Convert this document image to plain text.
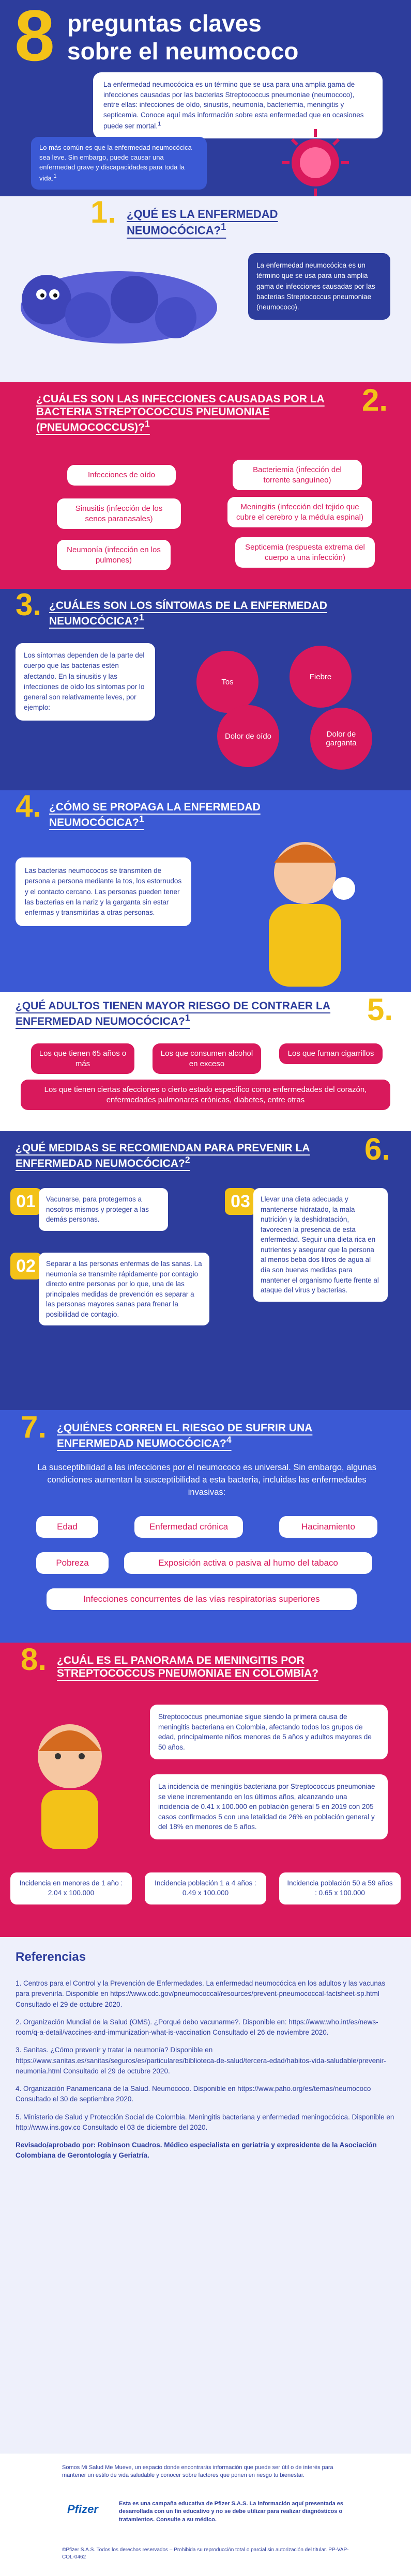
8 preguntas claves
sobre el neumococo
La enfermedad neumocócica es un término que se usa para una amplia gama de infecciones causadas por las bacterias Streptococcus pneumoniae (neumococo), entre ellas: infecciones de oído, sinusitis, neumonía, bacteriemia, meningitis y septicemia. Conoce aquí más información sobre esta enfermedad que en ocasiones puede ser mortal.$^1$
Lo más común es que la enfermedad neumocócica sea leve. Sin embargo, puede causar una enfermedad grave y discapacidades para toda la vida.$^1$
1. ¿QUÉ ES LA ENFERMEDAD NEUMOCÓCICA?$^1$
La enfermedad neumocócica es un término que se usa para una amplia gama de infecciones causadas por las bacterias Streptococcus pneumoniae (neumococo).
2.
¿CUÁLES SON LAS INFECCIONES CAUSADAS POR LA BACTERIA STREPTOCOCCUS PNEUMONIAE (PNEUMOCOCCUS)?$^1$
Infecciones de oído
Bacteriemia (infección del torrente sanguíneo)
Sinusitis (infección de los senos paranasales)
Meningitis (infección del tejido que cubre el cerebro y la médula espinal)
Neumonía (infección en los pulmones)
Septicemia (respuesta extrema del cuerpo a una infección)
3. ¿CUÁLES SON LOS SÍNTOMAS DE LA ENFERMEDAD NEUMOCÓCICA?$^1$
Los síntomas dependen de la parte del cuerpo que las bacterias estén afectando. En la sinusitis y las infecciones de oído los síntomas por lo general son relativamente leves, por ejemplo:
Tos
Fiebre
Dolor de oído	Dolor de garganta
4. ¿CÓMO SE PROPAGA LA ENFERMEDAD NEUMOCÓCICA?$^1$
Las bacterias neumococos se transmiten de persona a persona mediante la tos, los estornudos y el contacto cercano. Las personas pueden tener las bacterias en la nariz y la garganta sin estar enfermas y transmitirlas a otras personas.
5.
¿QUÉ ADULTOS TIENEN MAYOR RIESGO DE CONTRAER LA ENFERMEDAD NEUMOCÓCICA?$^1$
Los que tienen 65 años o más
Los que consumen alcohol en exceso
Los que fuman cigarrillos
Los que tienen ciertas afecciones o cierto estado específico como enfermedades del corazón, enfermedades pulmonares crónicas, diabetes, entre otras
6.
¿QUÉ MEDIDAS SE RECOMIENDAN PARA PREVENIR LA ENFERMEDAD NEUMOCÓCICA?$^2$
01	Vacunarse, para protegernos a nosotros mismos y proteger a las demás personas.
02	Separar a las personas enfermas de las sanas. La neumonía se transmite rápidamente por contagio directo entre personas por lo que, una de las principales medidas de prevención es separar a las personas mayores sanas para frenar la posibilidad de contagio.
03	Llevar una dieta adecuada y mantenerse hidratado, la mala nutrición y la deshidratación, favorecen la presencia de esta enfermedad. Seguir una dieta rica en nutrientes y asegurar que la persona al menos beba dos litros de agua al día son buenas medidas para mantener el organismo fuerte frente al ataque del virus y bacterias.
7. ¿QUIÉNES CORREN EL RIESGO DE SUFRIR UNA ENFERMEDAD NEUMOCÓCICA?$^4$
La susceptibilidad a las infecciones por el neumococo es universal. Sin embargo, algunas condiciones aumentan la susceptibilidad a esta bacteria, incluidas las enfermedades invasivas:
Edad	Enfermedad crónica	Hacinamiento
Pobreza	Exposición activa o pasiva al humo del tabaco
Infecciones concurrentes de las vías respiratorias superiores
8. ¿CUÁL ES EL PANORAMA DE MENINGITIS POR STREPTOCOCCUS PNEUMONIAE EN COLOMBIA?
Streptococcus pneumoniae sigue siendo la primera causa de meningitis bacteriana en Colombia, afectando todos los grupos de edad, principalmente niños menores de 5 años y adultos mayores de 50 años.
La incidencia de meningitis bacteriana por Streptococcus pneumoniae se viene incrementando en los últimos años, alcanzando una incidencia de 0.41 x 100.000 en población general 5 en 2019 con 205 casos confirmados 5 con una letalidad de 26% en población general y del 18% en menores de 5 años.
Incidencia en menores de 1 año : 2.04 x 100.000
Incidencia población 1 a 4 años : 0.49 x 100.000
Incidencia población 50 a 59 años : 0.65 x 100.000
Referencias

1. Centros para el Control y la Prevención de Enfermedades. La enfermedad neumocócica en los adultos y las vacunas para prevenirla. Disponible en https://www.cdc.gov/pneumococcal/resources/prevent-pneumococcal-factsheet-sp.html Consultado el 29 de octubre 2020.

2. Organización Mundial de la Salud (OMS). ¿Porqué debo vacunarme?. Disponible en: https://www.who.int/es/news-room/q-a-detail/vaccines-and-immunization-what-is-vaccination Consultado el 26 de noviembre 2020.

3. Sanitas. ¿Cómo prevenir y tratar la neumonía? Disponible en https://www.sanitas.es/sanitas/seguros/es/particulares/biblioteca-de-salud/tercera-edad/habitos-vida-saludable/prevenir-neumonia.html Consultado el 29 de octubre 2020.

4. Organización Panamericana de la Salud. Neumococo. Disponible en https://www.paho.org/es/temas/neumococo Consultado el 30 de septiembre 2020.

5. Ministerio de Salud y Protección Social de Colombia. Meningitis bacteriana y enfermedad meningocócica. Disponible en http://www.ins.gov.co Consultado el 03 de diciembre del 2020.

Revisado/aprobado por: Robinson Cuadros. Médico especialista en geriatría y expresidente de la Asociación Colombiana de Gerontología y Geriatría.

Somos Mi Salud Me Mueve, un espacio donde encontrarás información que puede ser útil o de interés para mantener un estilo de vida saludable y conocer sobre factores que ponen en riesgo tu bienestar.
Pfizer	Esta es una campaña educativa de Pfizer S.A.S. La información aquí presentada es desarrollada con un fin educativo y no se debe utilizar para realizar diagnósticos o tratamientos. Consulte a su médico.
©Pfizer S.A.S. Todos los derechos reservados – Prohibida su reproducción total o parcial sin autorización del titular. PP-VAP-COL-0462
